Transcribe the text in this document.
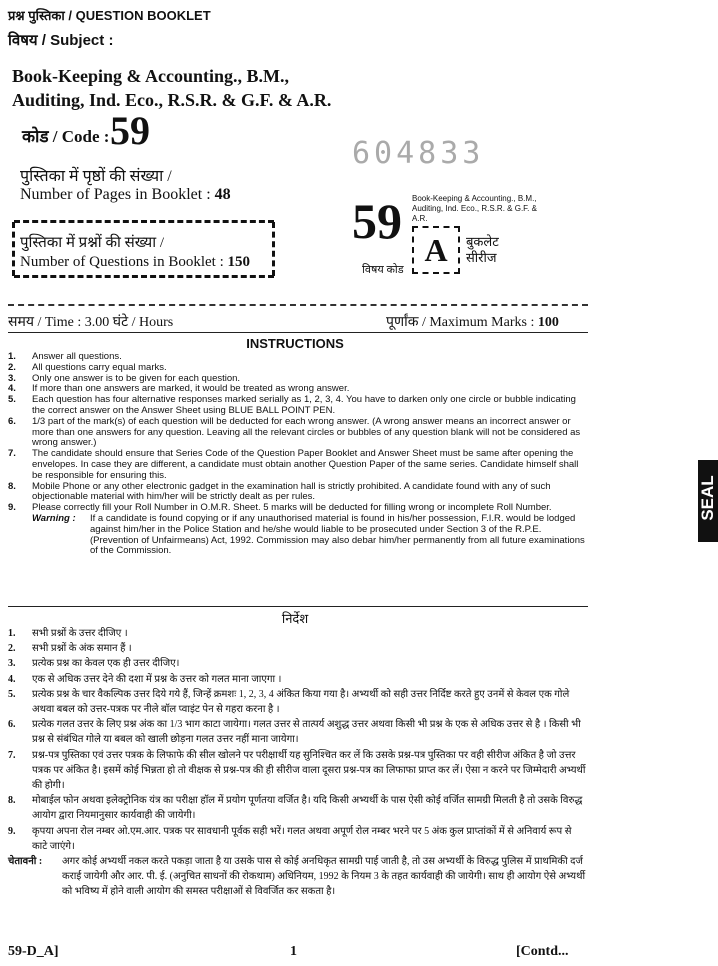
प्रश्न पुस्तिका / QUESTION BOOKLET
विषय / Subject :
Book-Keeping & Accounting., B.M.,
Auditing, Ind. Eco., R.S.R. & G.F. & A.R.
कोड / Code : 59
604833
पुस्तिका में पृष्ठों की संख्या /
Number of Pages in Booklet : 48
पुस्तिका में प्रश्नों की संख्या /
Number of Questions in Booklet : 150
59
विषय कोड
Book-Keeping & Accounting., B.M., Auditing, Ind. Eco., R.S.R. & G.F. & A.R.
A	बुकलेट
सीरीज
समय / Time : 3.00 घंटे / Hours	पूर्णांक / Maximum Marks : 100
INSTRUCTIONS
1. Answer all questions.
2. All questions carry equal marks.
3. Only one answer is to be given for each question.
4. If more than one answers are marked, it would be treated as wrong answer.
5. Each question has four alternative responses marked serially as 1, 2, 3, 4. You have to darken only one circle or bubble indicating the correct answer on the Answer Sheet using BLUE BALL POINT PEN.
6. 1/3 part of the mark(s) of each question will be deducted for each wrong answer. (A wrong answer means an incorrect answer or more than one answers for any question. Leaving all the relevant circles or bubbles of any question blank will not be considered as wrong answer.)
7. The candidate should ensure that Series Code of the Question Paper Booklet and Answer Sheet must be same after opening the envelopes. In case they are different, a candidate must obtain another Question Paper of the same series. Candidate himself shall be responsible for ensuring this.
8. Mobile Phone or any other electronic gadget in the examination hall is strictly prohibited. A candidate found with any of such objectionable material with him/her will be strictly dealt as per rules.
9. Please correctly fill your Roll Number in O.M.R. Sheet. 5 marks will be deducted for filling wrong or incomplete Roll Number.
Warning : If a candidate is found copying or if any unauthorised material is found in his/her possession, F.I.R. would be lodged against him/her in the Police Station and he/she would liable to be prosecuted under Section 3 of the R.P.E. (Prevention of Unfairmeans) Act, 1992. Commission may also debar him/her permanently from all future examinations of the Commission.
निर्देश
1. सभी प्रश्नों के उत्तर दीजिए ।
2. सभी प्रश्नों के अंक समान हैं ।
3. प्रत्येक प्रश्न का केवल एक ही उत्तर दीजिए।
4. एक से अधिक उत्तर देने की दशा में प्रश्न के उत्तर को गलत माना जाएगा ।
5. प्रत्येक प्रश्न के चार वैकल्पिक उत्तर दिये गये हैं, जिन्हें क्रमशः 1, 2, 3, 4 अंकित किया गया है। अभ्यर्थी को सही उत्तर निर्दिष्ट करते हुए उनमें से केवल एक गोले अथवा बबल को उत्तर-पत्रक पर नीले बॉल प्वाइंट पेन से गहरा करना है ।
6. प्रत्येक गलत उत्तर के लिए प्रश्न अंक का 1/3 भाग काटा जायेगा। गलत उत्तर से तात्पर्य अशुद्ध उत्तर अथवा किसी भी प्रश्न के एक से अधिक उत्तर से है । किसी भी प्रश्न से संबंधित गोले या बबल को खाली छोड़ना गलत उत्तर नहीं माना जायेगा।
7. प्रश्न-पत्र पुस्तिका एवं उत्तर पत्रक के लिफाफे की सील खोलने पर परीक्षार्थी यह सुनिश्चित कर लें कि उसके प्रश्न-पत्र पुस्तिका पर वही सीरीज अंकित है जो उत्तर पत्रक पर अंकित है। इसमें कोई भिन्नता हो तो वीक्षक से प्रश्न-पत्र की ही सीरीज वाला दूसरा प्रश्न-पत्र का लिफाफा प्राप्त कर लें। ऐसा न करने पर जिम्मेदारी अभ्यर्थी की होगी।
8. मोबाईल फोन अथवा इलेक्ट्रोनिक यंत्र का परीक्षा हॉल में प्रयोग पूर्णतया वर्जित है। यदि किसी अभ्यर्थी के पास ऐसी कोई वर्जित सामग्री मिलती है तो उसके विरुद्ध आयोग द्वारा नियमानुसार कार्यवाही की जायेगी।
9. कृपया अपना रोल नम्बर ओ.एम.आर. पत्रक पर सावधानी पूर्वक सही भरें। गलत अथवा अपूर्ण रोल नम्बर भरने पर 5 अंक कुल प्राप्तांकों में से अनिवार्य रूप से काटे जाएंगे।
चेतावनी : अगर कोई अभ्यर्थी नकल करते पकड़ा जाता है या उसके पास से कोई अनधिकृत सामग्री पाई जाती है, तो उस अभ्यर्थी के विरुद्ध पुलिस में प्राथमिकी दर्ज कराई जायेगी और आर. पी. ई. (अनुचित साधनों की रोकथाम) अधिनियम, 1992 के नियम 3 के तहत कार्यवाही की जायेगी। साथ ही आयोग ऐसे अभ्यर्थी को भविष्य में होने वाली आयोग की समस्त परीक्षाओं से विवर्जित कर सकता है।
59-D_A]	1	[Contd...
SEAL
